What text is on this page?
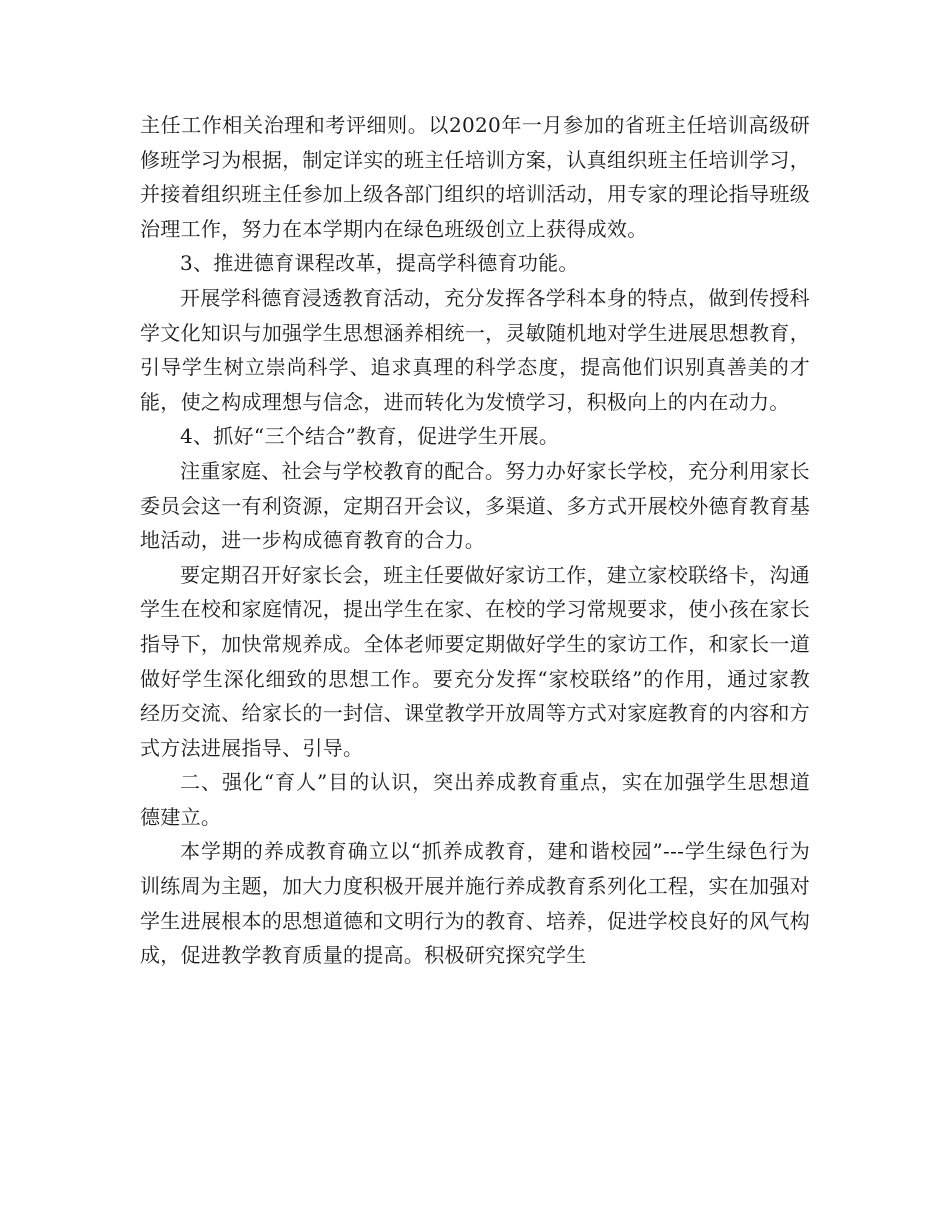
主任工作相关治理和考评细则。以2020年一月参加的省班主任培训高级研修班学习为根据，制定详实的班主任培训方案，认真组织班主任培训学习，并接着组织班主任参加上级各部门组织的培训活动，用专家的理论指导班级治理工作，努力在本学期内在绿色班级创立上获得成效。

3、推进德育课程改革，提高学科德育功能。

开展学科德育浸透教育活动，充分发挥各学科本身的特点，做到传授科学文化知识与加强学生思想涵养相统一，灵敏随机地对学生进展思想教育，引导学生树立崇尚科学、追求真理的科学态度，提高他们识别真善美的才能，使之构成理想与信念，进而转化为发愤学习，积极向上的内在动力。

4、抓好“三个结合”教育，促进学生开展。

注重家庭、社会与学校教育的配合。努力办好家长学校，充分利用家长委员会这一有利资源，定期召开会议，多渠道、多方式开展校外德育教育基地活动，进一步构成德育教育的合力。

要定期召开好家长会，班主任要做好家访工作，建立家校联络卡，沟通学生在校和家庭情况，提出学生在家、在校的学习常规要求，使小孩在家长指导下，加快常规养成。全体老师要定期做好学生的家访工作，和家长一道做好学生深化细致的思想工作。要充分发挥“家校联络”的作用，通过家教经历交流、给家长的一封信、课堂教学开放周等方式对家庭教育的内容和方式方法进展指导、引导。

二、强化“育人”目的认识，突出养成教育重点，实在加强学生思想道德建立。

本学期的养成教育确立以“抓养成教育，建和谐校园”---学生绿色行为训练周为主题，加大力度积极开展并施行养成教育系列化工程，实在加强对学生进展根本的思想道德和文明行为的教育、培养，促进学校良好的风气构成，促进教学教育质量的提高。积极研究探究学生
